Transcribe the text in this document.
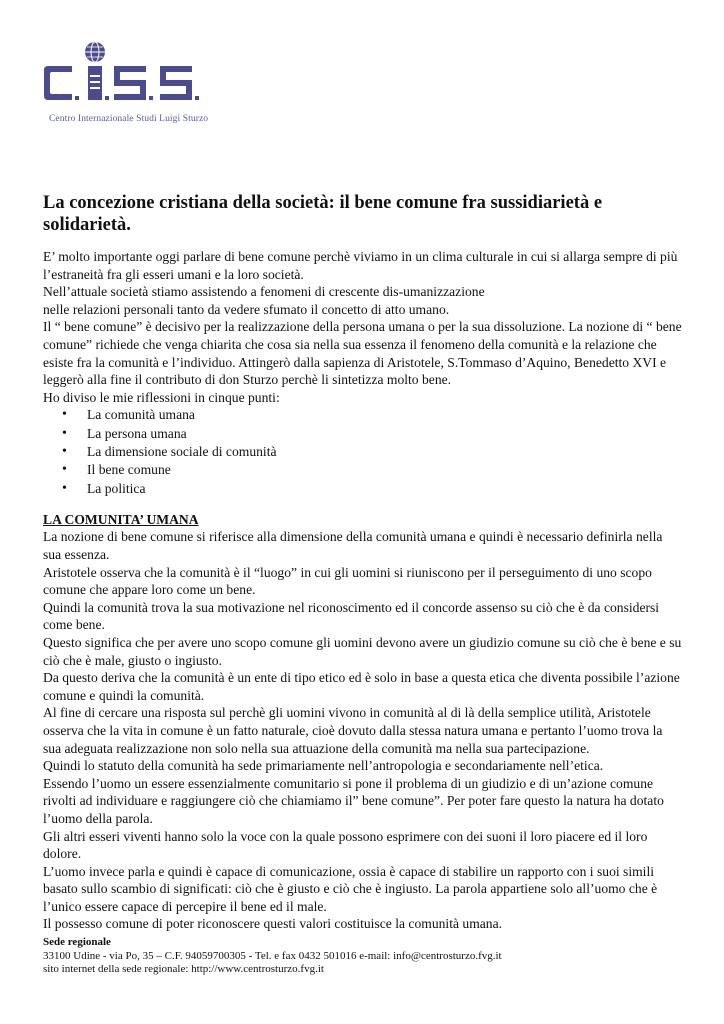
Centro Internazionale Studi Luigi Sturzo
La concezione cristiana della società: il bene comune fra sussidiarietà e solidarietà.

E’ molto importante oggi parlare di bene comune perchè viviamo in un clima culturale in cui si allarga sempre di più l’estraneità fra gli esseri umani e la loro società.

Nell’attuale società stiamo assistendo a fenomeni di crescente dis-umanizzazione

nelle relazioni personali tanto da vedere sfumato il concetto di atto umano.

Il “ bene comune” è decisivo per la realizzazione della persona umana o per la sua dissoluzione. La nozione di “ bene comune” richiede che venga chiarita che cosa sia nella sua essenza il fenomeno della comunità e la relazione che esiste fra la comunità e l’individuo. Attingerò dalla sapienza di Aristotele, S.Tommaso d’Aquino, Benedetto XVI e leggerò alla fine il contributo di don Sturzo perchè li sintetizza molto bene.

Ho diviso le mie riflessioni in cinque punti:

• La comunità umana
• La persona umana
• La dimensione sociale di comunità
• Il bene comune
• La politica
LA COMUNITA’ UMANA

La nozione di bene comune si riferisce alla dimensione della comunità umana e quindi è necessario definirla nella sua essenza.

Aristotele osserva che la comunità è il “luogo” in cui gli uomini si riuniscono per il perseguimento di uno scopo comune che appare loro come un bene.

Quindi la comunità trova la sua motivazione nel riconoscimento ed il concorde assenso su ciò che è da considersi come bene.

Questo significa che per avere uno scopo comune gli uomini devono avere un giudizio comune su ciò che è bene e su ciò che è male, giusto o ingiusto.

Da questo deriva che la comunità è un ente di tipo etico ed è solo in base a questa etica che diventa possibile l’azione comune e quindi la comunità.

Al fine di cercare una risposta sul perchè gli uomini vivono in comunità al di là della semplice utilità, Aristotele osserva che la vita in comune è un fatto naturale, cioè dovuto dalla stessa natura umana e pertanto l’uomo trova la sua adeguata realizzazione non solo nella sua attuazione della comunità ma nella sua partecipazione.

Quindi lo statuto della comunità ha sede primariamente nell’antropologia e secondariamente nell’etica.

Essendo l’uomo un essere essenzialmente comunitario si pone il problema di un giudizio e di un’azione comune rivolti ad individuare e raggiungere ciò che chiamiamo il” bene comune”. Per poter fare questo la natura ha dotato l’uomo della parola.

Gli altri esseri viventi hanno solo la voce con la quale possono esprimere con dei suoni il loro piacere ed il loro dolore.

L’uomo invece parla e quindi è capace di comunicazione, ossia è capace di stabilire un rapporto con i suoi simili basato sullo scambio di significati: ciò che è giusto e ciò che è ingiusto. La parola appartiene solo all’uomo che è l’unico essere capace di percepire il bene ed il male.

Il possesso comune di poter riconoscere questi valori costituisce la comunità umana.

Sede regionale
33100 Udine - via Po, 35 – C.F. 94059700305 - Tel. e fax 0432 501016 e-mail: info@centrosturzo.fvg.it
sito internet della sede regionale: http://www.centrosturzo.fvg.it
